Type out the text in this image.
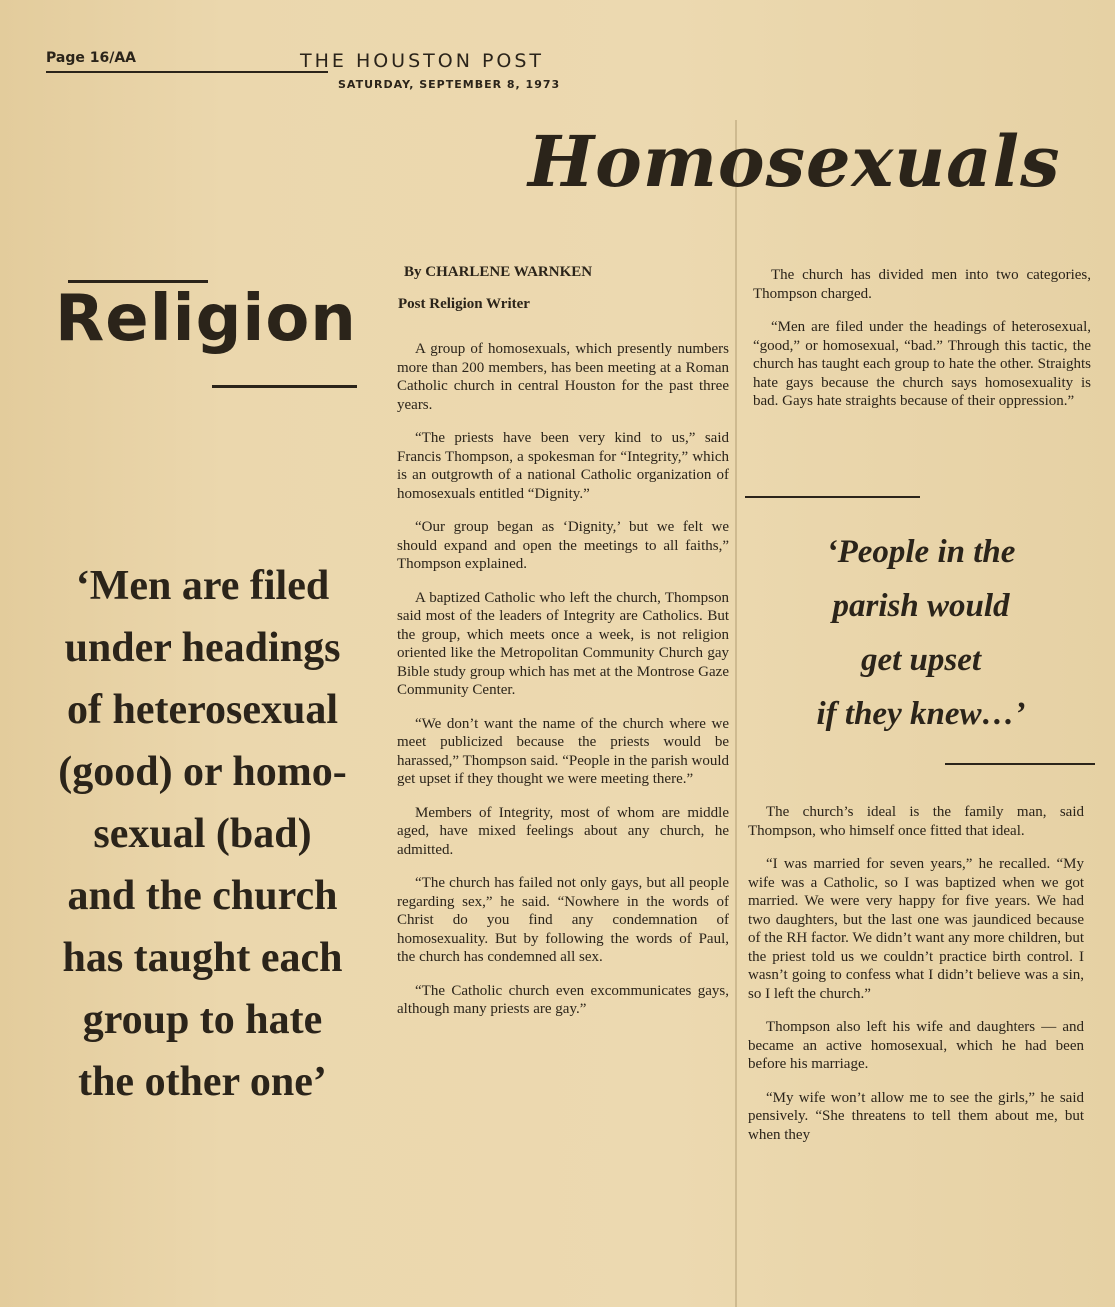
Page 16/AA	THE HOUSTON POST
SATURDAY, SEPTEMBER 8, 1973
Homosexuals
Religion
‘Men are filed
under headings
of heterosexual
(good) or homo-
sexual (bad)
and the church
has taught each
group to hate
the other one’
By CHARLENE WARNKEN
Post Religion Writer

A group of homosexuals, which presently numbers more than 200 members, has been meeting at a Roman Catholic church in central Houston for the past three years.

“The priests have been very kind to us,” said Francis Thompson, a spokesman for “Integrity,” which is an outgrowth of a national Catholic organization of homosexuals entitled “Dignity.”

“Our group began as ‘Dignity,’ but we felt we should expand and open the meetings to all faiths,” Thompson explained.

A baptized Catholic who left the church, Thompson said most of the leaders of Integrity are Catholics. But the group, which meets once a week, is not religion oriented like the Metropolitan Community Church gay Bible study group which has met at the Montrose Gaze Community Center.

“We don’t want the name of the church where we meet publicized because the priests would be harassed,” Thompson said. “People in the parish would get upset if they thought we were meeting there.”

Members of Integrity, most of whom are middle aged, have mixed feelings about any church, he admitted.

“The church has failed not only gays, but all people regarding sex,” he said. “Nowhere in the words of Christ do you find any condemnation of homosexuality. But by following the words of Paul, the church has condemned all sex.

“The Catholic church even excommunicates gays, although many priests are gay.”

The church has divided men into two categories, Thompson charged.

“Men are filed under the headings of heterosexual, “good,” or homosexual, “bad.” Through this tactic, the church has taught each group to hate the other. Straights hate gays because the church says homosexuality is bad. Gays hate straights because of their oppression.”

‘People in the
parish would
get upset
if they knew…’

The church’s ideal is the family man, said Thompson, who himself once fitted that ideal.

“I was married for seven years,” he recalled. “My wife was a Catholic, so I was baptized when we got married. We were very happy for five years. We had two daughters, but the last one was jaundiced because of the RH factor. We didn’t want any more children, but the priest told us we couldn’t practice birth control. I wasn’t going to confess what I didn’t believe was a sin, so I left the church.”

Thompson also left his wife and daughters — and became an active homosexual, which he had been before his marriage.

“My wife won’t allow me to see the girls,” he said pensively. “She threatens to tell them about me, but when they
